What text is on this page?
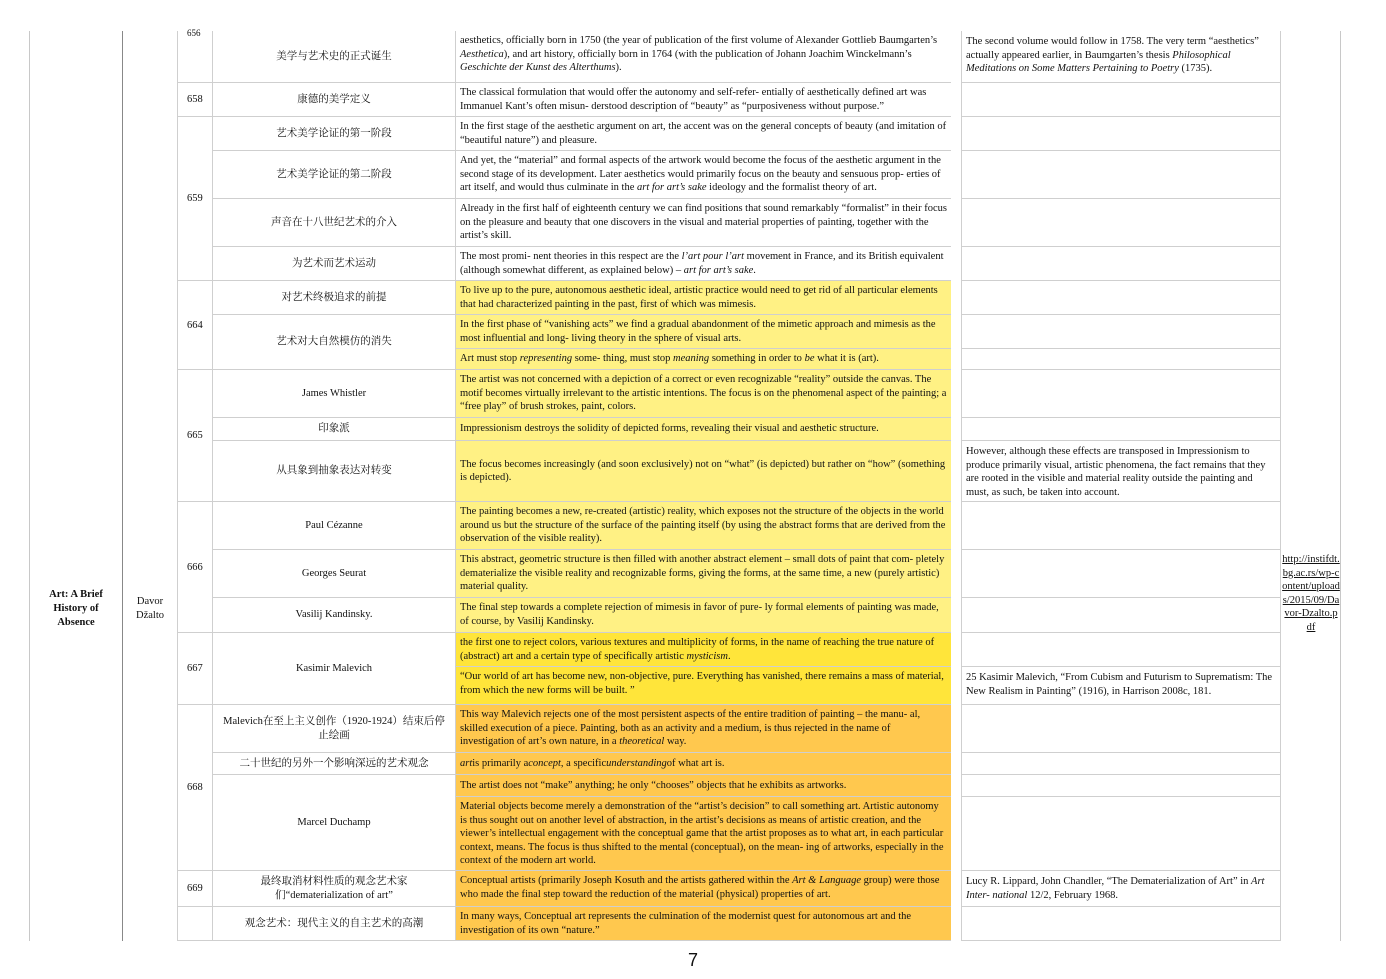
Art: A Brief History of Absence
Davor Džalto
http://instifdt.bg.ac.rs/wp-content/uploads/2015/09/Davor-Dzalto.pdf
656
658
659
664
665
666
667
668
669
美学与艺术史的正式诞生
aesthetics, officially born in 1750 (the year of publication of the first volume of Alexander Gottlieb Baumgarten’s Aesthetica), and art history, officially born in 1764 (with the publication of Johann Joachim Winckelmann’s Geschichte der Kunst des Alterthums).
The second volume would follow in 1758. The very term “aesthetics” actually appeared earlier, in Baumgarten’s thesis Philosophical Meditations on Some Matters Pertaining to Poetry (1735).
康德的美学定义
The classical formulation that would offer the autonomy and self-refer- entially of aesthetically defined art was Immanuel Kant’s often misun- derstood description of “beauty” as “purposiveness without purpose.”
艺术美学论证的第一阶段
In the first stage of the aesthetic argument on art, the accent was on the general concepts of beauty (and imitation of “beautiful nature”) and pleasure.
艺术美学论证的第二阶段
And yet, the “material” and formal aspects of the artwork would become the focus of the aesthetic argument in the second stage of its development. Later aesthetics would primarily focus on the beauty and sensuous prop- erties of art itself, and would thus culminate in the art for art’s sake ideology and the formalist theory of art.
声音在十八世纪艺术的介入
Already in the first half of eighteenth century we can find positions that sound remarkably “formalist” in their focus on the pleasure and beauty that one discovers in the visual and material properties of painting, together with the artist’s skill.
为艺术而艺术运动
The most promi- nent theories in this respect are the l’art pour l’art movement in France, and its British equivalent (although somewhat different, as explained below) – art for art’s sake.
对艺术终极追求的前提
To live up to the pure, autonomous aesthetic ideal, artistic practice would need to get rid of all particular elements that had characterized painting in the past, first of which was mimesis.
艺术对大自然模仿的消失
In the first phase of “vanishing acts” we find a gradual abandonment of the mimetic approach and mimesis as the most influential and long- living theory in the sphere of visual arts.
Art must stop representing some- thing, must stop meaning something in order to be what it is (art).
James Whistler
The artist was not concerned with a depiction of a correct or even recognizable “reality” outside the canvas. The motif becomes virtually irrelevant to the artistic intentions. The focus is on the phenomenal aspect of the painting; a “free play” of brush strokes, paint, colors.
印象派	Impressionism destroys the solidity of depicted forms, revealing their visual and aesthetic structure.
从具象到抽象表达对转变
The focus becomes increasingly (and soon exclusively) not on “what” (is depicted) but rather on “how” (something is depicted).
However, although these effects are transposed in Impressionism to produce primarily visual, artistic phenomena, the fact remains that they are rooted in the visible and material reality outside the painting and must, as such, be taken into account.
Paul Cézanne
The painting becomes a new, re-created (artistic) reality, which exposes not the structure of the objects in the world around us but the structure of the surface of the painting itself (by using the abstract forms that are derived from the observation of the visible reality).
Georges Seurat
This abstract, geometric structure is then filled with another abstract element – small dots of paint that com- pletely dematerialize the visible reality and recognizable forms, giving the forms, at the same time, a new (purely artistic) material quality.
Vasilij Kandinsky.
The final step towards a complete rejection of mimesis in favor of pure- ly formal elements of painting was made, of course, by Vasilij Kandinsky.
Kasimir Malevich
the first one to reject colors, various textures and multiplicity of forms, in the name of reaching the true nature of (abstract) art and a certain type of specifically artistic mysticism.
“Our world of art has become new, non-objective, pure. Everything has vanished, there remains a mass of material, from which the new forms will be built. ”
25 Kasimir Malevich, “From Cubism and Futurism to Suprematism: The New Realism in Painting” (1916), in Harrison 2008c, 181.
Malevich在至上主义创作（1920-1924）结束后停止绘画
This way Malevich rejects one of the most persistent aspects of the entire tradition of painting – the manu- al, skilled execution of a piece. Painting, both as an activity and a medium, is thus rejected in the name of investigation of art’s own nature, in a theoretical way.
二十世纪的另外一个影响深远的艺术观念	art is primarily a concept , a specific understanding of what art is.
Marcel Duchamp
The artist does not “make” anything; he only “chooses” objects that he exhibits as artworks.
Material objects become merely a demonstration of the “artist’s decision” to call something art. Artistic autonomy is thus sought out on another level of abstraction, in the artist’s decisions as means of artistic creation, and the viewer’s intellectual engagement with the conceptual game that the artist proposes as to what art, in each particular context, means. The focus is thus shifted to the mental (conceptual), on the mean- ing of artworks, especially in the context of the modern art world.
最终取消材料性质的观念艺术家们“dematerialization of art”
Conceptual artists (primarily Joseph Kosuth and the artists gathered within the Art & Language group) were those who made the final step toward the reduction of the material (physical) properties of art.
Lucy R. Lippard, John Chandler, “The Dematerialization of Art” in Art Inter- national 12/2, February 1968.
观念艺术：现代主义的自主艺术的高潮
In many ways, Conceptual art represents the culmination of the modernist quest for autonomous art and the investigation of its own “nature.”
7
